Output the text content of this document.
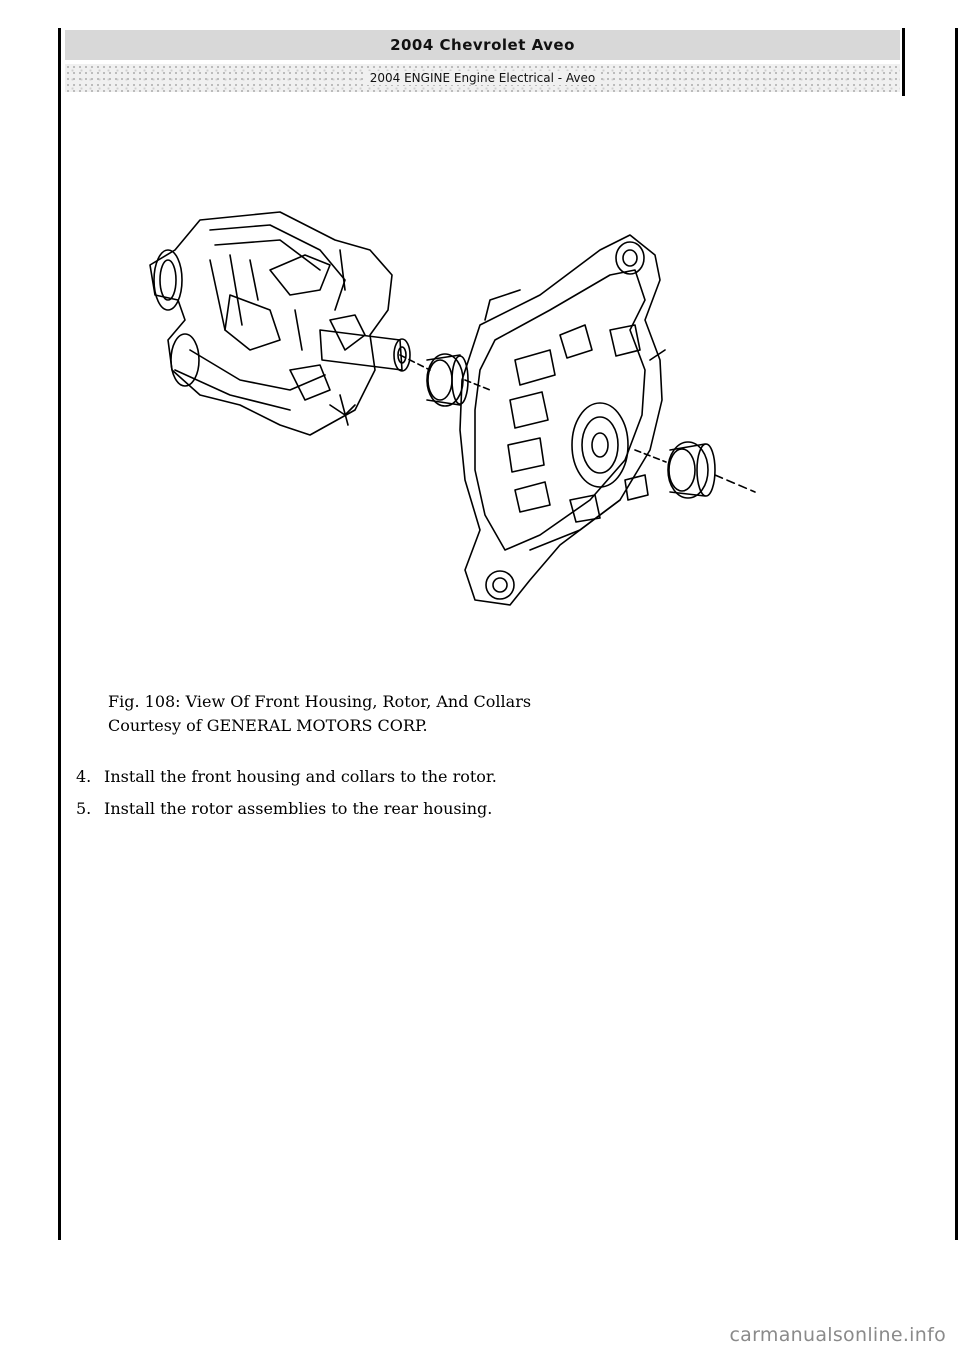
2004 Chevrolet Aveo
2004 ENGINE Engine Electrical - Aveo
Fig. 108: View Of Front Housing, Rotor, And Collars
Courtesy of GENERAL MOTORS CORP.
4. Install the front housing and collars to the rotor.
5. Install the rotor assemblies to the rear housing.
carmanualsonline.info
